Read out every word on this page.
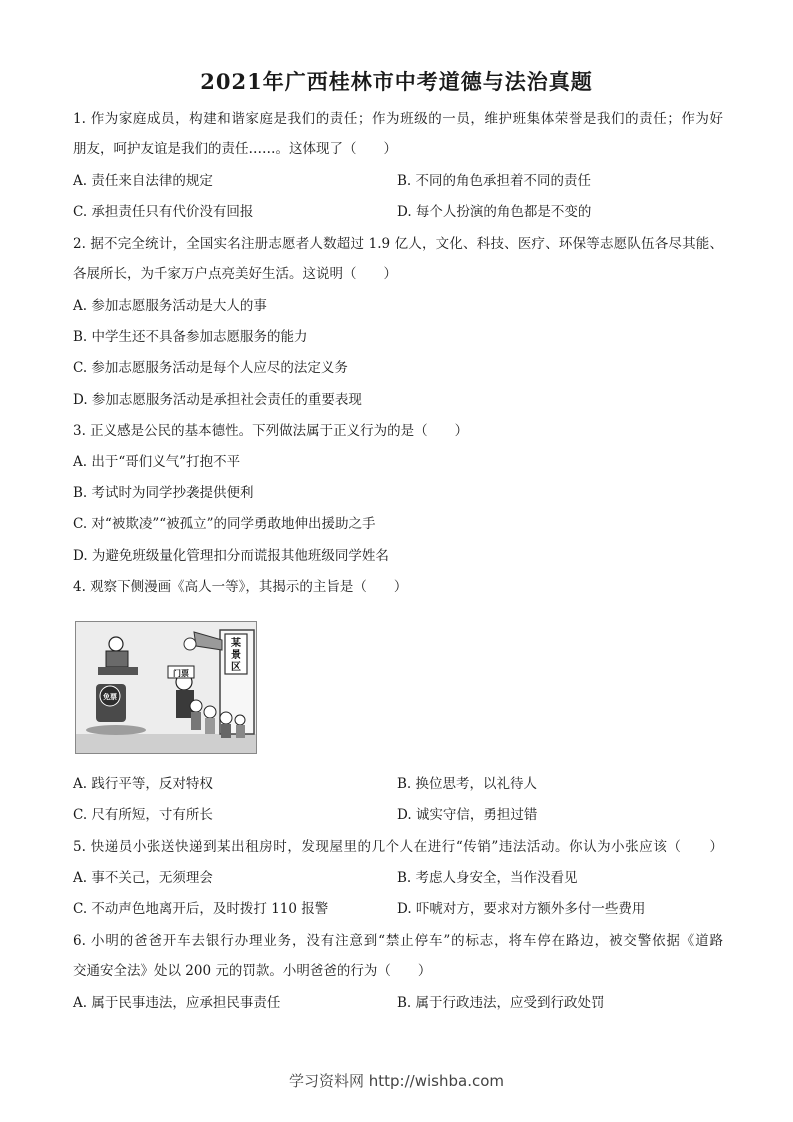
2021年广西桂林市中考道德与法治真题
1. 作为家庭成员，构建和谐家庭是我们的责任；作为班级的一员，维护班集体荣誉是我们的责任；作为好
朋友，呵护友谊是我们的责任……。这体现了（　　）
A. 责任来自法律的规定	B. 不同的角色承担着不同的责任
C. 承担责任只有代价没有回报	D. 每个人扮演的角色都是不变的
2. 据不完全统计，全国实名注册志愿者人数超过 1.9 亿人，文化、科技、医疗、环保等志愿队伍各尽其能、
各展所长，为千家万户点亮美好生活。这说明（　　）
A. 参加志愿服务活动是大人的事
B. 中学生还不具备参加志愿服务的能力
C. 参加志愿服务活动是每个人应尽的法定义务
D. 参加志愿服务活动是承担社会责任的重要表现
3. 正义感是公民的基本德性。下列做法属于正义行为的是（　　）
A. 出于“哥们义气”打抱不平
B. 考试时为同学抄袭提供便利
C. 对“被欺凌”“被孤立”的同学勇敢地伸出援助之手
D. 为避免班级量化管理扣分而谎报其他班级同学姓名
4. 观察下侧漫画《高人一等》，其揭示的主旨是（　　）
某
景
区
门票
免票
A. 践行平等，反对特权	B. 换位思考，以礼待人
C. 尺有所短，寸有所长	D. 诚实守信，勇担过错
5. 快递员小张送快递到某出租房时，发现屋里的几个人在进行“传销”违法活动。你认为小张应该（　　）
A. 事不关己，无须理会	B. 考虑人身安全，当作没看见
C. 不动声色地离开后，及时拨打 110 报警	D. 吓唬对方，要求对方额外多付一些费用
6. 小明的爸爸开车去银行办理业务，没有注意到“禁止停车”的标志，将车停在路边，被交警依据《道路
交通安全法》处以 200 元的罚款。小明爸爸的行为（　　）
A. 属于民事违法，应承担民事责任	B. 属于行政违法，应受到行政处罚
学习资料网 http://wishba.com
